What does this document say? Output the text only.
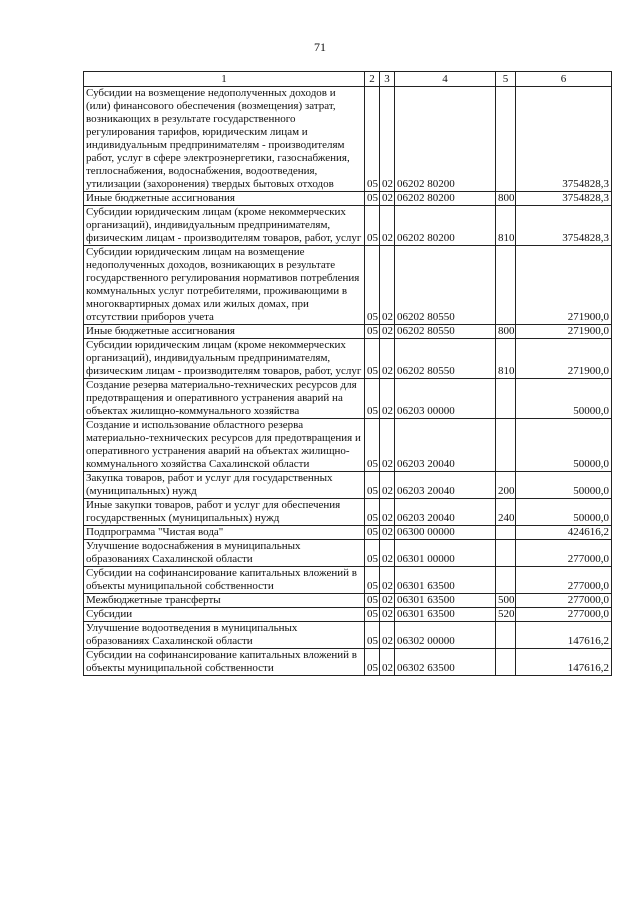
71
1	2	3	4	5	6
Субсидии на возмещение недополученных доходов и (или) финансового обеспечения (возмещения) затрат, возникающих в результате государственного регулирования тарифов, юридическим лицам и индивидуальным предпринимателям - производителям работ, услуг в сфере электроэнергетики, газоснабжения, теплоснабжения, водоснабжения, водоотведения, утилизации (захоронения) твердых бытовых отходов	05	02	06202 80200		3754828,3
Иные бюджетные ассигнования	05	02	06202 80200	800	3754828,3
Субсидии юридическим лицам (кроме некоммерческих организаций), индивидуальным предпринимателям, физическим лицам - производителям товаров, работ, услуг	05	02	06202 80200	810	3754828,3
Субсидии юридическим лицам на возмещение недополученных доходов, возникающих в результате государственного регулирования нормативов потребления коммунальных услуг потребителями, проживающими в многоквартирных домах или жилых домах, при отсутствии приборов учета	05	02	06202 80550		271900,0
Иные бюджетные ассигнования	05	02	06202 80550	800	271900,0
Субсидии юридическим лицам (кроме некоммерческих организаций), индивидуальным предпринимателям, физическим лицам - производителям товаров, работ, услуг	05	02	06202 80550	810	271900,0
Создание резерва материально-технических ресурсов для предотвращения и оперативного устранения аварий на объектах жилищно-коммунального хозяйства	05	02	06203 00000		50000,0
Создание и использование областного резерва материально-технических ресурсов для предотвращения и оперативного устранения аварий на объектах жилищно-коммунального хозяйства Сахалинской области	05	02	06203 20040		50000,0
Закупка товаров, работ и услуг для государственных (муниципальных) нужд	05	02	06203 20040	200	50000,0
Иные закупки товаров, работ и услуг для обеспечения государственных (муниципальных) нужд	05	02	06203 20040	240	50000,0
Подпрограмма "Чистая вода"	05	02	06300 00000		424616,2
Улучшение водоснабжения в муниципальных образованиях Сахалинской области	05	02	06301 00000		277000,0
Субсидии на софинансирование капитальных вложений в объекты муниципальной собственности	05	02	06301 63500		277000,0
Межбюджетные трансферты	05	02	06301 63500	500	277000,0
Субсидии	05	02	06301 63500	520	277000,0
Улучшение водоотведения в муниципальных образованиях Сахалинской области	05	02	06302 00000		147616,2
Субсидии на софинансирование капитальных вложений в объекты муниципальной собственности	05	02	06302 63500		147616,2
